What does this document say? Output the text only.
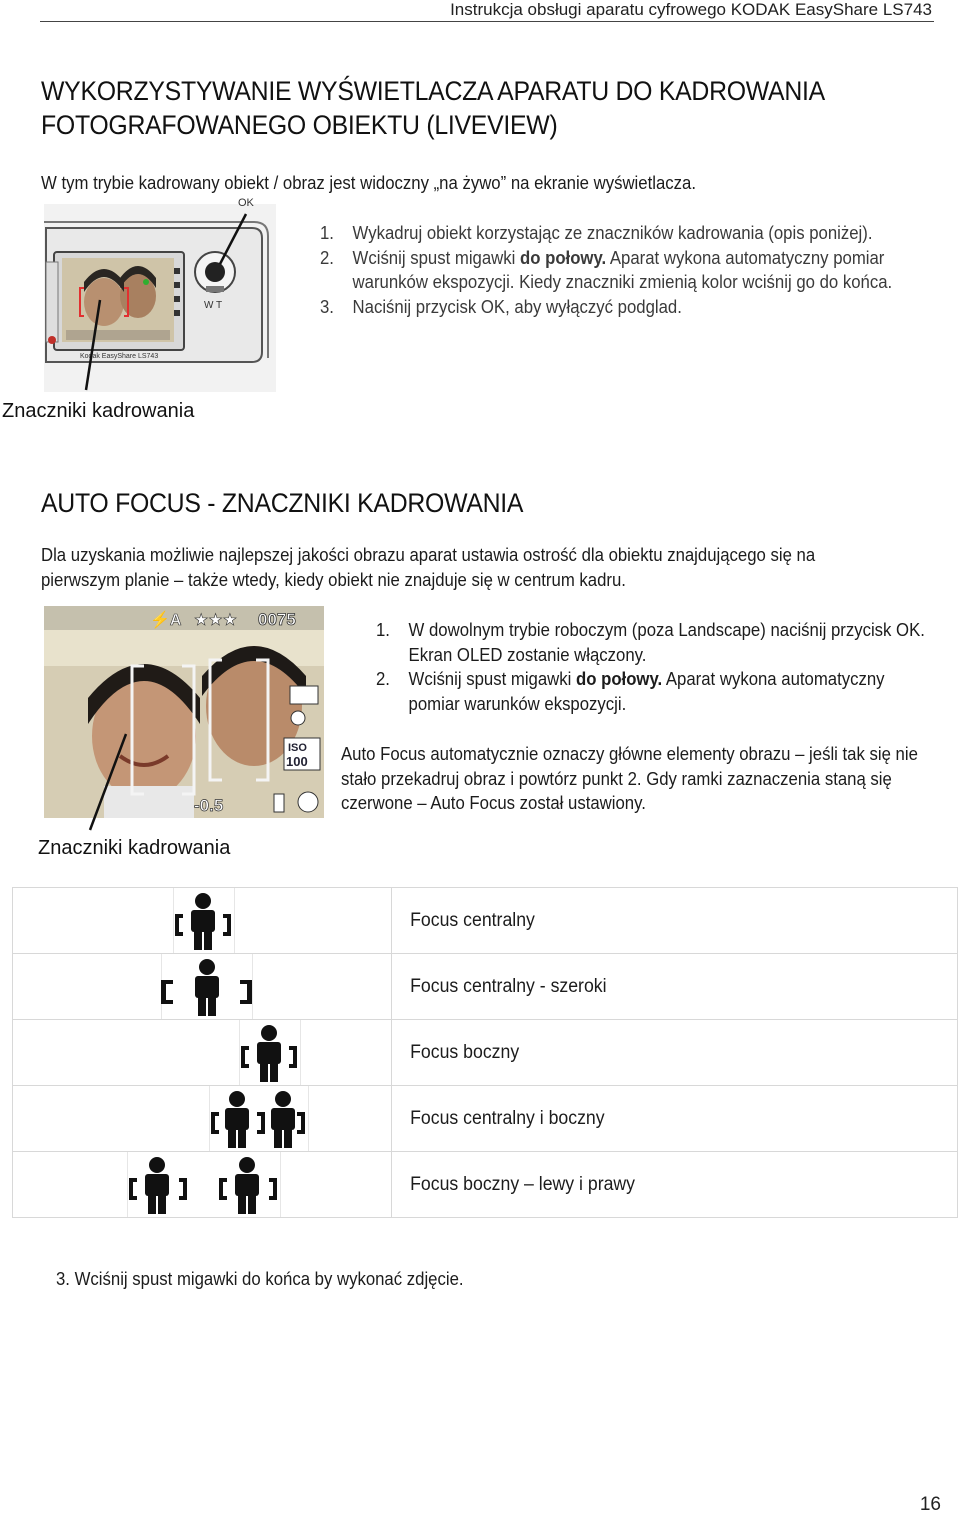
Instrukcja obsługi aparatu cyfrowego KODAK EasyShare LS743
WYKORZYSTYWANIE WYŚWIETLACZA APARATU DO KADROWANIA
FOTOGRAFOWANEGO OBIEKTU (LIVEVIEW)
W tym trybie kadrowany obiekt / obraz jest widoczny „na żywo” na ekranie wyświetlacza.
Kodak EasyShare LS743
OK
W T
Znaczniki kadrowania
1. Wykadruj obiekt korzystając ze znaczników kadrowania (opis poniżej).
2. Wciśnij spust migawki do połowy. Aparat wykona automatyczny pomiar warunków ekspozycji. Kiedy znaczniki zmienią kolor wciśnij go do końca.
3. Naciśnij przycisk OK, aby wyłączyć podglad.
AUTO FOCUS - ZNACZNIKI KADROWANIA
Dla uzyskania możliwie najlepszej jakości obrazu aparat ustawia ostrość dla obiektu znajdującego się na pierwszym planie – także wtedy, kiedy obiekt nie znajduje się w centrum kadru.
0075
★★★
⚡A
ISO
100
-0.5
Znaczniki kadrowania
1. W dowolnym trybie roboczym (poza Landscape) naciśnij przycisk OK. Ekran OLED zostanie włączony.
2. Wciśnij spust migawki do połowy. Aparat wykona automatyczny pomiar warunków ekspozycji.
Auto Focus automatycznie oznaczy główne elementy obrazu – jeśli tak się nie stało przekadruj obraz i powtórz punkt 2. Gdy ramki zaznaczenia staną się czerwone – Auto Focus został ustawiony.
	Focus centralny

	Focus centralny - szeroki

	Focus boczny

	Focus centralny i boczny

	Focus boczny – lewy i prawy
3. Wciśnij spust migawki do końca by wykonać zdjęcie.
16
